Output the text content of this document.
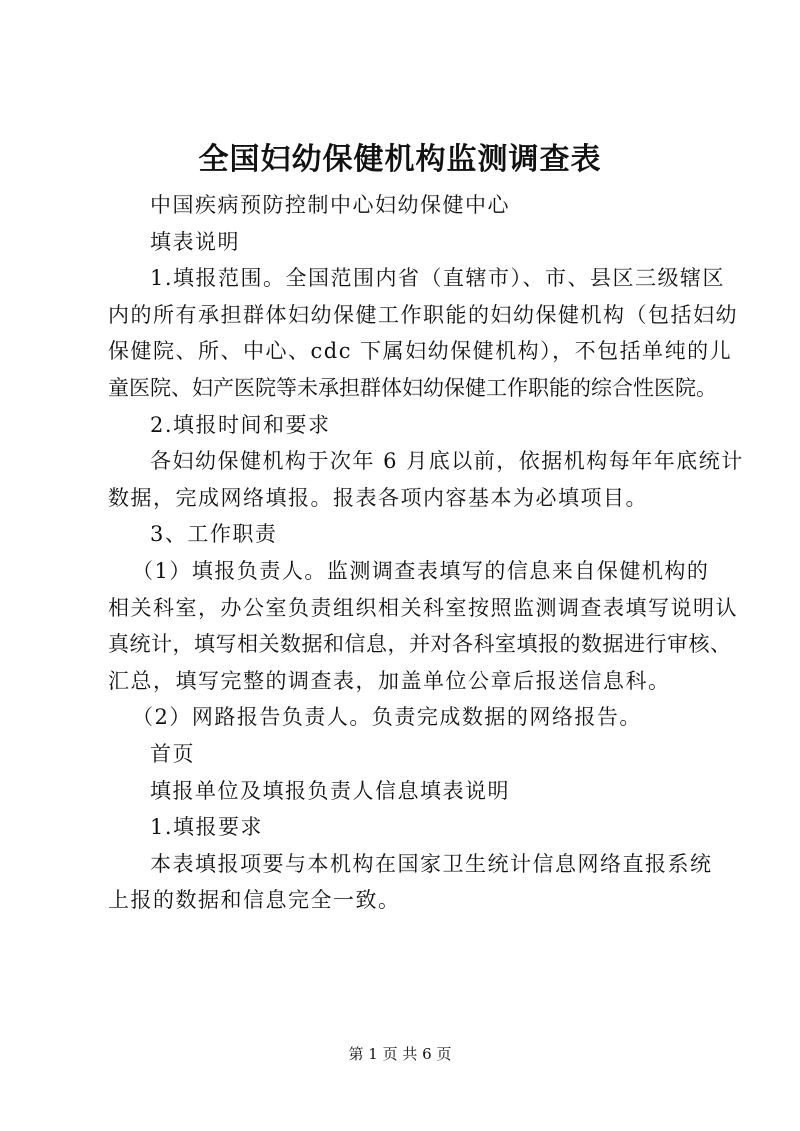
全国妇幼保健机构监测调查表

中国疾病预防控制中心妇幼保健中心

填表说明

1.填报范围。全国范围内省（直辖市）、市、县区三级辖区

内的所有承担群体妇幼保健工作职能的妇幼保健机构（包括妇幼

保健院、所、中心、cdc 下属妇幼保健机构），不包括单纯的儿

童医院、妇产医院等未承担群体妇幼保健工作职能的综合性医院。

2.填报时间和要求

各妇幼保健机构于次年 6 月底以前，依据机构每年年底统计

数据，完成网络填报。报表各项内容基本为必填项目。

3、工作职责

（1）填报负责人。监测调查表填写的信息来自保健机构的

相关科室，办公室负责组织相关科室按照监测调查表填写说明认

真统计，填写相关数据和信息，并对各科室填报的数据进行审核、

汇总，填写完整的调查表，加盖单位公章后报送信息科。

（2）网路报告负责人。负责完成数据的网络报告。

首页

填报单位及填报负责人信息填表说明

1.填报要求

本表填报项要与本机构在国家卫生统计信息网络直报系统

上报的数据和信息完全一致。

第 1 页 共 6 页
